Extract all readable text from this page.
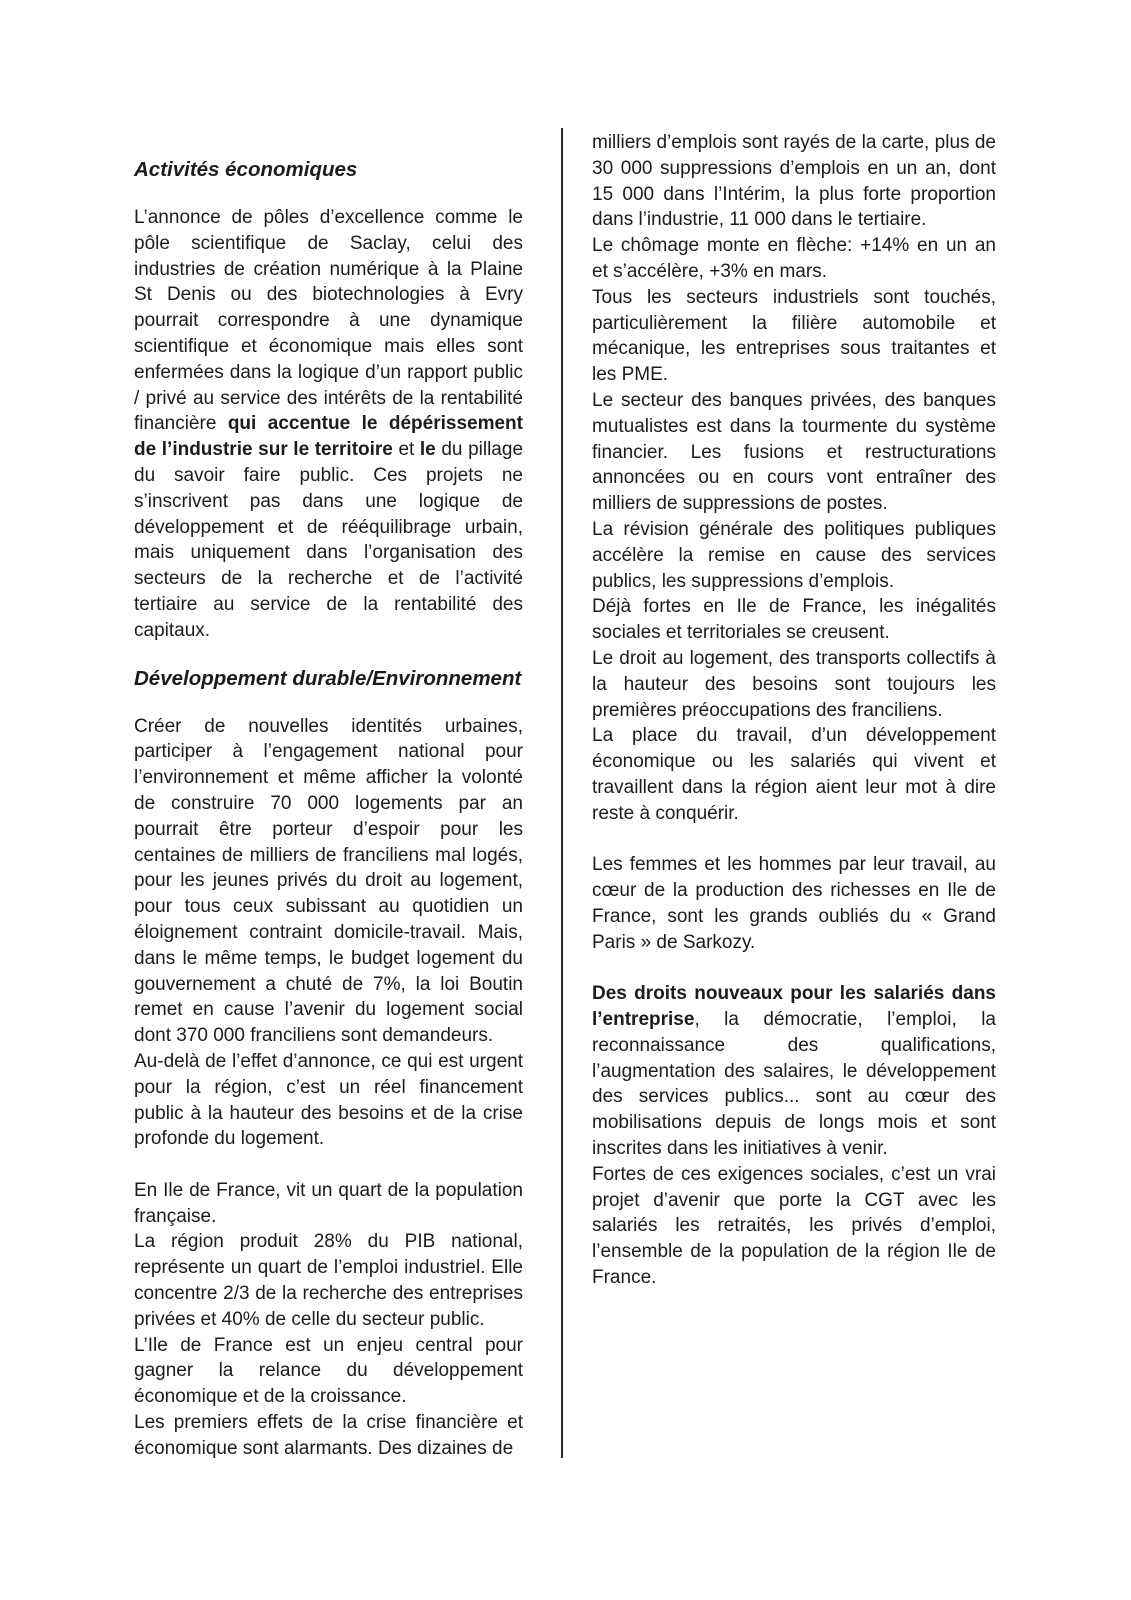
Activités économiques

L’annonce de pôles d’excellence comme le pôle scientifique de Saclay, celui des industries de création numérique à la Plaine St Denis ou des biotechnologies à Evry pourrait correspondre à une dynamique scientifique et économique mais elles sont enfermées dans la logique d’un rapport public / privé au service des intérêts de la rentabilité financière qui accentue le dépérissement de l’industrie sur le territoire et le du pillage du savoir faire public. Ces projets ne s’inscrivent pas dans une logique de développement et de rééquilibrage urbain, mais uniquement dans l’organisation des secteurs de la recherche et de l’activité tertiaire au service de la rentabilité des capitaux.

Développement durable/Environnement

Créer de nouvelles identités urbaines, participer à l’engagement national pour l’environnement et même afficher la volonté de construire 70 000 logements par an pourrait être porteur d’espoir pour les centaines de milliers de franciliens mal logés, pour les jeunes privés du droit au logement, pour tous ceux subissant au quotidien un éloignement contraint domicile-travail. Mais, dans le même temps, le budget logement du gouvernement a chuté de 7%, la loi Boutin remet en cause l’avenir du logement social dont 370 000 franciliens sont demandeurs.

Au-delà de l’effet d’annonce, ce qui est urgent pour la région, c’est un réel financement public à la hauteur des besoins et de la crise profonde du logement.

En Ile de France, vit un quart de la population française.

La région produit 28% du PIB national, représente un quart de l’emploi industriel. Elle concentre 2/3 de la recherche des entreprises privées et 40% de celle du secteur public.

L’Ile de France est un enjeu central pour gagner la relance du développement économique et de la croissance.

Les premiers effets de la crise financière et économique sont alarmants. Des dizaines de

milliers d’emplois sont rayés de la carte, plus de 30 000 suppressions d’emplois en un an, dont 15 000 dans l’Intérim, la plus forte proportion dans l’industrie, 11 000 dans le tertiaire.

Le chômage monte en flèche: +14% en un an et s’accélère, +3% en mars.

Tous les secteurs industriels sont touchés, particulièrement la filière automobile et mécanique, les entreprises sous traitantes et les PME.

Le secteur des banques privées, des banques mutualistes est dans la tourmente du système financier. Les fusions et restructurations annoncées ou en cours vont entraîner des milliers de suppressions de postes.

La révision générale des politiques publiques accélère la remise en cause des services publics, les suppressions d’emplois.

Déjà fortes en Ile de France, les inégalités sociales et territoriales se creusent.

Le droit au logement, des transports collectifs à la hauteur des besoins sont toujours les premières préoccupations des franciliens.

La place du travail, d’un développement économique ou les salariés qui vivent et travaillent dans la région aient leur mot à dire reste à conquérir.

Les femmes et les hommes par leur travail, au cœur de la production des richesses en Ile de France, sont les grands oubliés du « Grand Paris » de Sarkozy.

Des droits nouveaux pour les salariés dans l’entreprise, la démocratie, l’emploi, la reconnaissance des qualifications, l’augmentation des salaires, le développement des services publics... sont au cœur des mobilisations depuis de longs mois et sont inscrites dans les initiatives à venir.

Fortes de ces exigences sociales, c’est un vrai projet d’avenir que porte la CGT avec les salariés les retraités, les privés d’emploi, l’ensemble de la population de la région Ile de France.
